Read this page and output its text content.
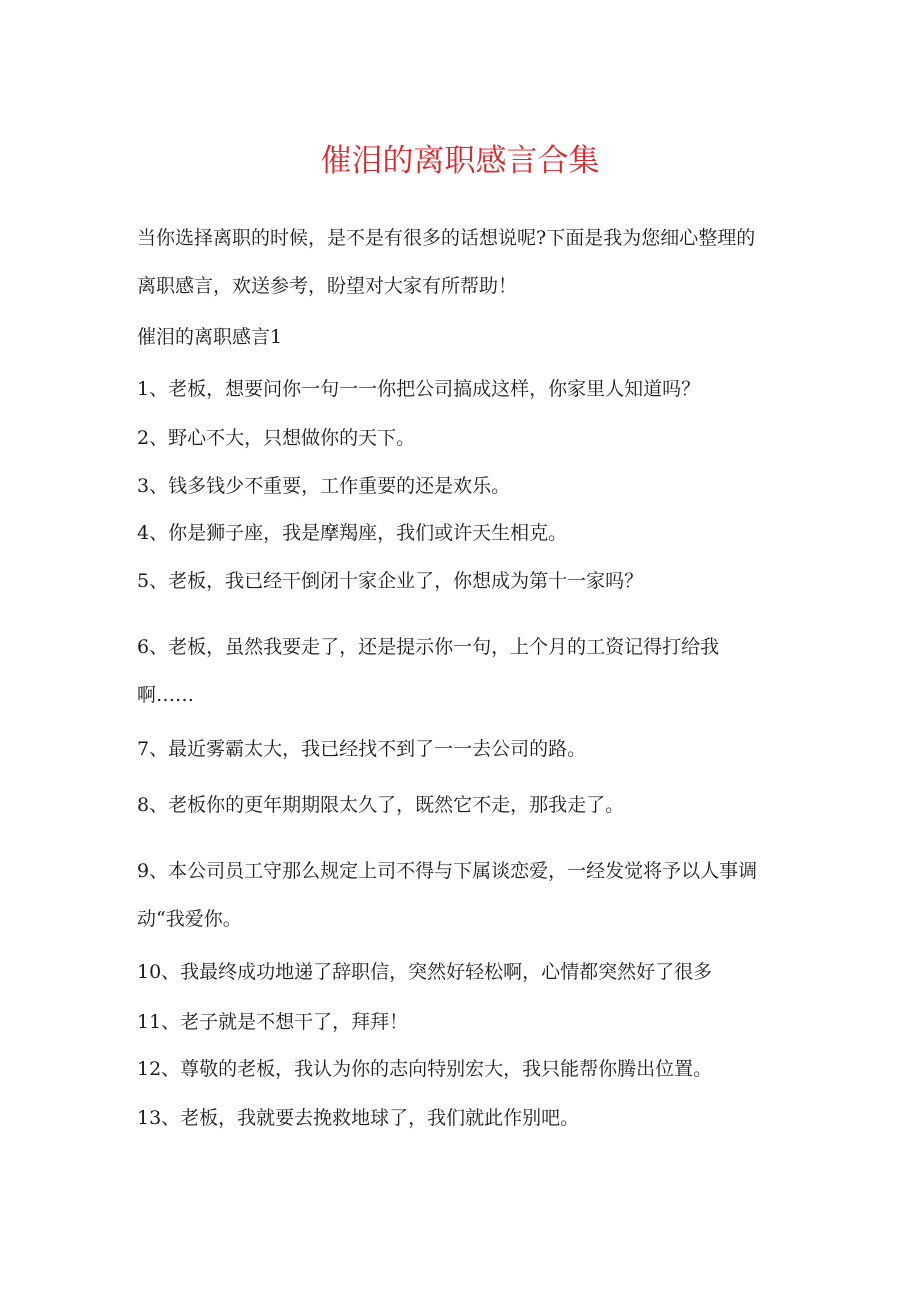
催泪的离职感言合集
当你选择离职的时候，是不是有很多的话想说呢?下面是我为您细心整理的
离职感言，欢送参考，盼望对大家有所帮助！
催泪的离职感言1
1、老板，想要问你一句一一你把公司搞成这样，你家里人知道吗？
2、野心不大，只想做你的天下。
3、钱多钱少不重要，工作重要的还是欢乐。
4、你是狮子座，我是摩羯座，我们或许天生相克。
5、老板，我已经干倒闭十家企业了，你想成为第十一家吗？
6、老板，虽然我要走了，还是提示你一句，上个月的工资记得打给我
啊……
7、最近雾霸太大，我已经找不到了一一去公司的路。
8、老板你的更年期期限太久了，既然它不走，那我走了。
9、本公司员工守那么规定上司不得与下属谈恋爱，一经发觉将予以人事调
动“我爱你。
10、我最终成功地递了辞职信，突然好轻松啊，心情都突然好了很多
11、老子就是不想干了，拜拜！
12、尊敬的老板，我认为你的志向特别宏大，我只能帮你腾出位置。
13、老板，我就要去挽救地球了，我们就此作别吧。
